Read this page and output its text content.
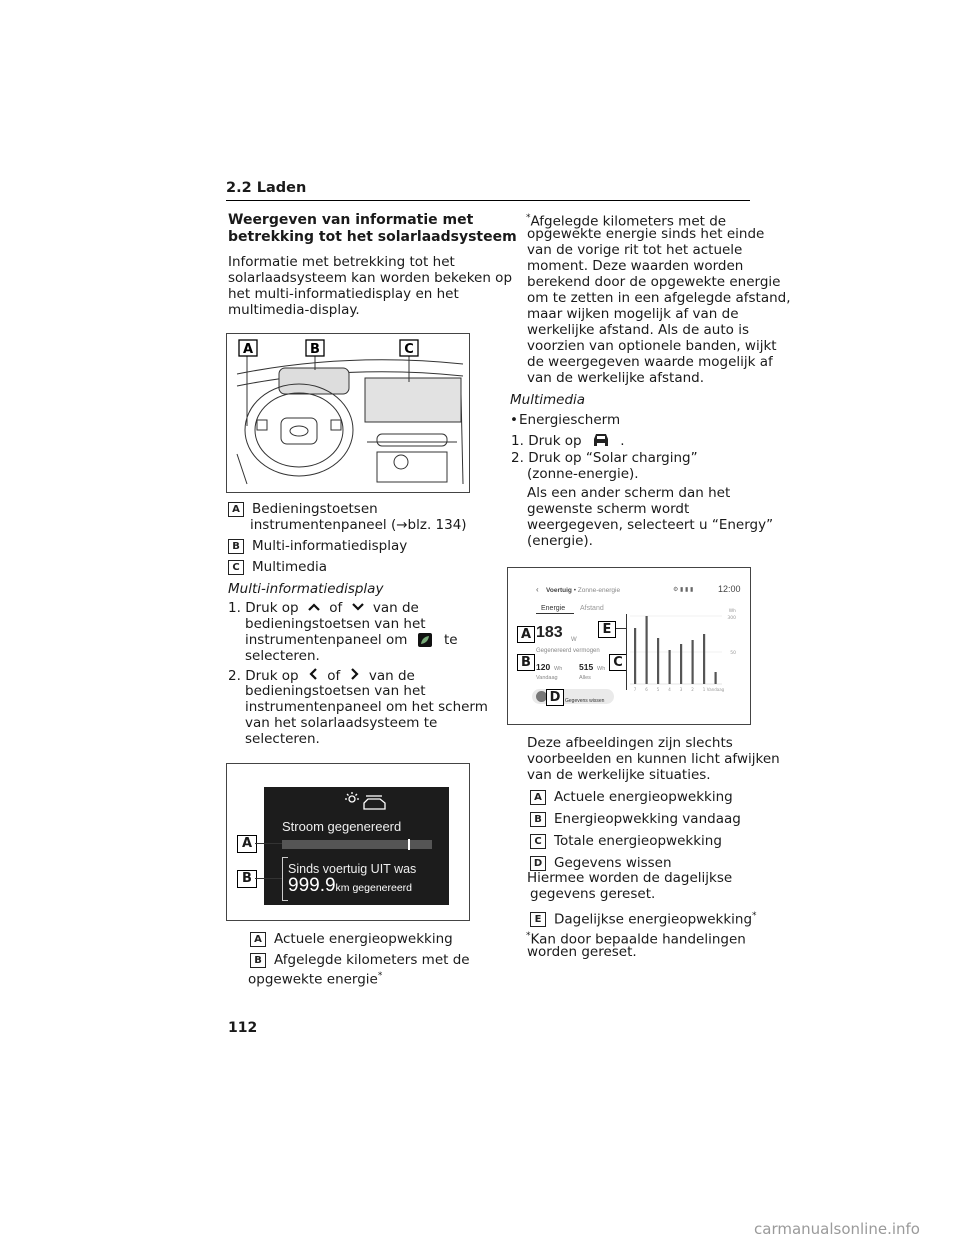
2.2 Laden
Weergeven van informatie met
betrekking tot het solarlaadsysteem
Informatie met betrekking tot het
solarlaadsysteem kan worden bekeken op
het multi-informatiedisplay en het
multimedia-display.
A	B	C
A Bedieningstoetsen
instrumentenpaneel (→blz. 134)
B Multi-informatiedisplay
C Multimedia
Multi-informatiedisplay
1. Druk op of van de
bedieningstoetsen van het
instrumentenpaneel om	te
selecteren.
2. Druk op of van de
bedieningstoetsen van het
instrumentenpaneel om het scherm
van het solarlaadsysteem te
selecteren.
Stroom gegenereerd
Sinds voertuig UIT was
999.9km gegenereerd
A
B
A Actuele energieopwekking
B Afgelegde kilometers met de
opgewekte energie*
*Afgelegde kilometers met de
opgewekte energie sinds het einde
van de vorige rit tot het actuele
moment. Deze waarden worden
berekend door de opgewekte energie
om te zetten in een afgelegde afstand,
maar wijken mogelijk af van de
werkelijke afstand. Als de auto is
voorzien van optionele banden, wijkt
de weergegeven waarde mogelijk af
van de werkelijke afstand.
Multimedia
• Energiescherm
1. Druk op	.
2. Druk op “Solar charging”
(zonne-energie).
Als een ander scherm dan het
gewenste scherm wordt
weergegeven, selecteert u “Energy”
(energie).
‹ Voertuig • Zonne-energie	⚙ ▮ ▮ ▮	12:00
Energie Afstand
183 W
Gegenereerd vermogen
120 Wh
Vandaag
515 Wh
Alles
Gegevens wissen
7 6 5 4 3 2 1 Vandaag
Wh
300
50
A
B	C
D
E
Deze afbeeldingen zijn slechts
voorbeelden en kunnen licht afwijken
van de werkelijke situaties.
A Actuele energieopwekking
B Energieopwekking vandaag
C Totale energieopwekking
D Gegevens wissen
Hiermee worden de dagelijkse
gegevens gereset.
E Dagelijkse energieopwekking*
*Kan door bepaalde handelingen
worden gereset.
112
carmanualsonline.info
